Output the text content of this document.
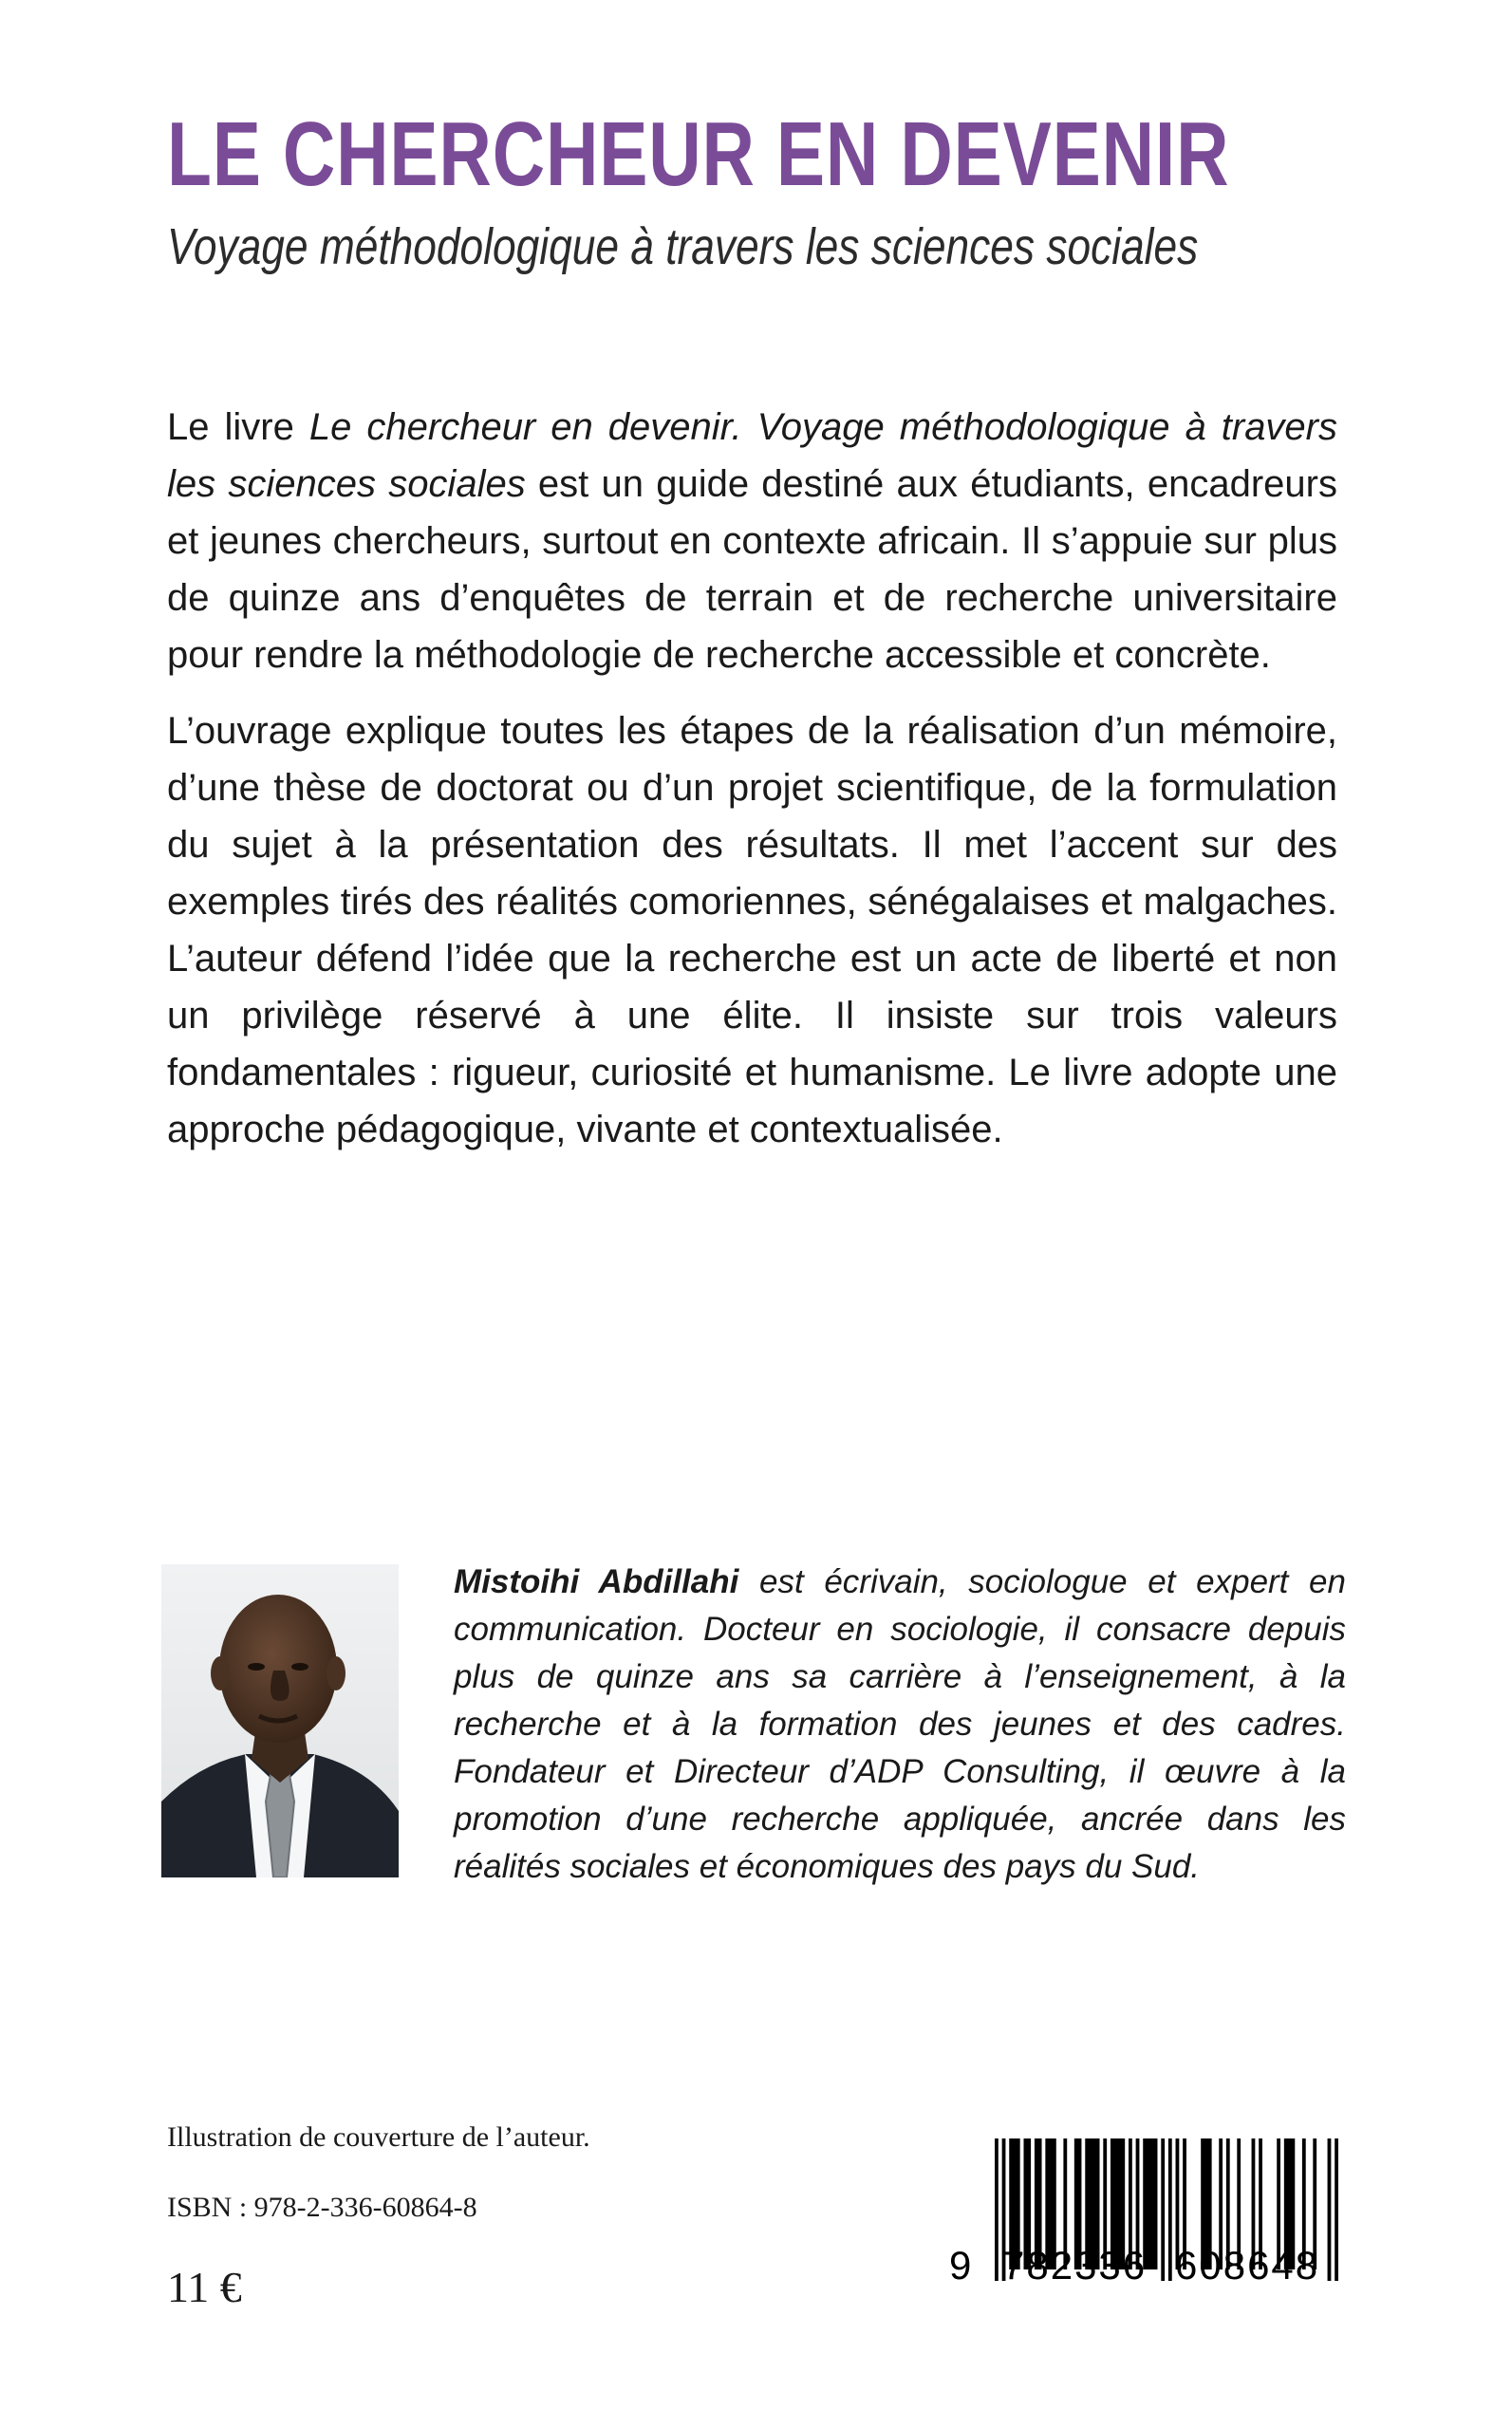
LE CHERCHEUR EN DEVENIR
Voyage méthodologique à travers les sciences sociales

Le livre Le chercheur en devenir. Voyage méthodologique à travers les sciences sociales est un guide destiné aux étudiants, encadreurs et jeunes chercheurs, surtout en contexte africain. Il s’appuie sur plus de quinze ans d’enquêtes de terrain et de recherche universitaire pour rendre la méthodologie de recherche accessible et concrète.

L’ouvrage explique toutes les étapes de la réalisation d’un mémoire, d’une thèse de doctorat ou d’un projet scientifique, de la formulation du sujet à la présentation des résultats. Il met l’accent sur des exemples tirés des réalités comoriennes, sénégalaises et malgaches. L’auteur défend l’idée que la recherche est un acte de liberté et non un privilège réservé à une élite. Il insiste sur trois valeurs fondamentales : rigueur, curiosité et humanisme. Le livre adopte une approche pédagogique, vivante et contextualisée.

Mistoihi Abdillahi est écrivain, sociologue et expert en communication. Docteur en sociologie, il consacre depuis plus de quinze ans sa carrière à l’enseignement, à la recherche et à la formation des jeunes et des cadres. Fondateur et Directeur d’ADP Consulting, il œuvre à la promotion d’une recherche appliquée, ancrée dans les réalités sociales et économiques des pays du Sud.

Illustration de couverture de l’auteur.

ISBN : 978-2-336-60864-8

11 €	9 782336 608648
